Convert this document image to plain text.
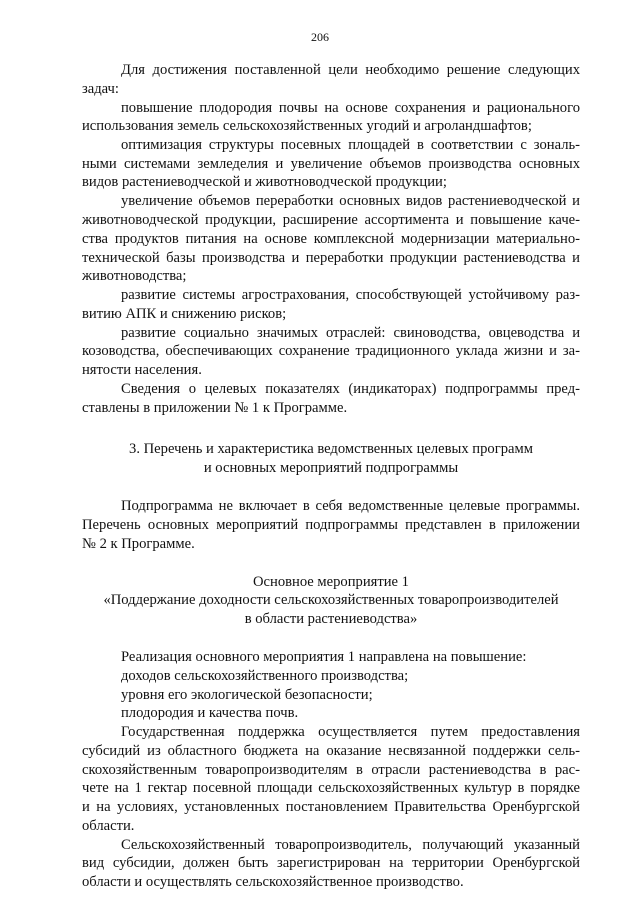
206
Для достижения поставленной цели необходимо решение следующих
задач:
повышение плодородия почвы на основе сохранения и рационального
использования земель сельскохозяйственных угодий и агроландшафтов;
оптимизация структуры посевных площадей в соответствии с зональ-
ными системами земледелия и увеличение объемов производства основных
видов растениеводческой и животноводческой продукции;
увеличение объемов переработки основных видов растениеводческой и
животноводческой продукции, расширение ассортимента и повышение каче-
ства продуктов питания на основе комплексной модернизации материально-
технической базы производства и переработки продукции растениеводства и
животноводства;
развитие системы агрострахования, способствующей устойчивому раз-
витию АПК и снижению рисков;
развитие социально значимых отраслей: свиноводства, овцеводства и
козоводства, обеспечивающих сохранение традиционного уклада жизни и за-
нятости населения.
Сведения о целевых показателях (индикаторах) подпрограммы пред-
ставлены в приложении № 1 к Программе.
3. Перечень и характеристика ведомственных целевых программ
и основных мероприятий подпрограммы
Подпрограмма не включает в себя ведомственные целевые программы.
Перечень основных мероприятий подпрограммы представлен в приложении
№ 2 к Программе.
Основное мероприятие 1
«Поддержание доходности сельскохозяйственных товаропроизводителей
в области растениеводства»
Реализация основного мероприятия 1 направлена на повышение:
доходов сельскохозяйственного производства;
уровня его экологической безопасности;
плодородия и качества почв.
Государственная поддержка осуществляется путем предоставления
субсидий из областного бюджета на оказание несвязанной поддержки сель-
скохозяйственным товаропроизводителям в отрасли растениеводства в рас-
чете на 1 гектар посевной площади сельскохозяйственных культур в порядке
и на условиях, установленных постановлением Правительства Оренбургской
области.
Сельскохозяйственный товаропроизводитель, получающий указанный
вид субсидии, должен быть зарегистрирован на территории Оренбургской
области и осуществлять сельскохозяйственное производство.
